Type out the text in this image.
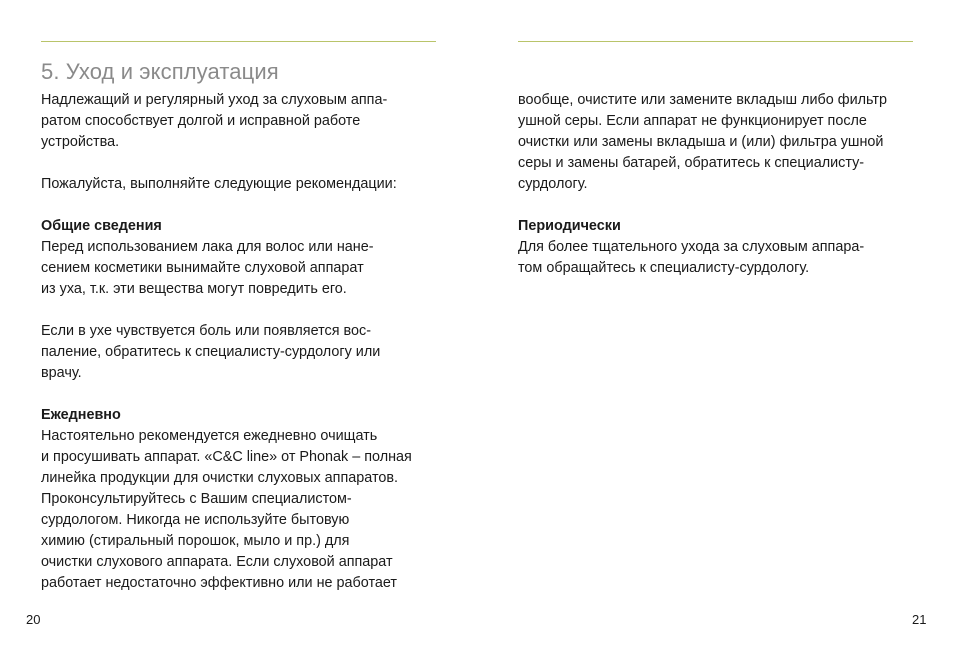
5. Уход и эксплуатация
Надлежащий и регулярный уход за слуховым аппа-
ратом способствует долгой и исправной работе
устройства.
Пожалуйста, выполняйте следующие рекомендации:
Общие сведения
Перед использованием лака для волос или нане-
сением косметики вынимайте слуховой аппарат
из уха, т.к. эти вещества могут повредить его.
Если в ухе чувствуется боль или появляется вос-
паление, обратитесь к специалисту-сурдологу или
врачу.
Ежедневно
Настоятельно рекомендуется ежедневно очищать
и просушивать аппарат. «C&C line» от Phonak – полная
линейка продукции для очистки слуховых аппаратов.
Проконсультируйтесь с Вашим специалистом-
сурдологом. Никогда не используйте бытовую
химию (стиральный порошок, мыло и пр.) для
очистки слухового аппарата. Если слуховой аппарат
работает недостаточно эффективно или не работает
вообще, очистите или замените вкладыш либо фильтр
ушной серы. Если аппарат не функционирует после
очистки или замены вкладыша и (или) фильтра ушной
серы и замены батарей, обратитесь к специалисту-
сурдологу.
Периодически
Для более тщательного ухода за слуховым аппара-
том обращайтесь к специалисту-сурдологу.
20	21
